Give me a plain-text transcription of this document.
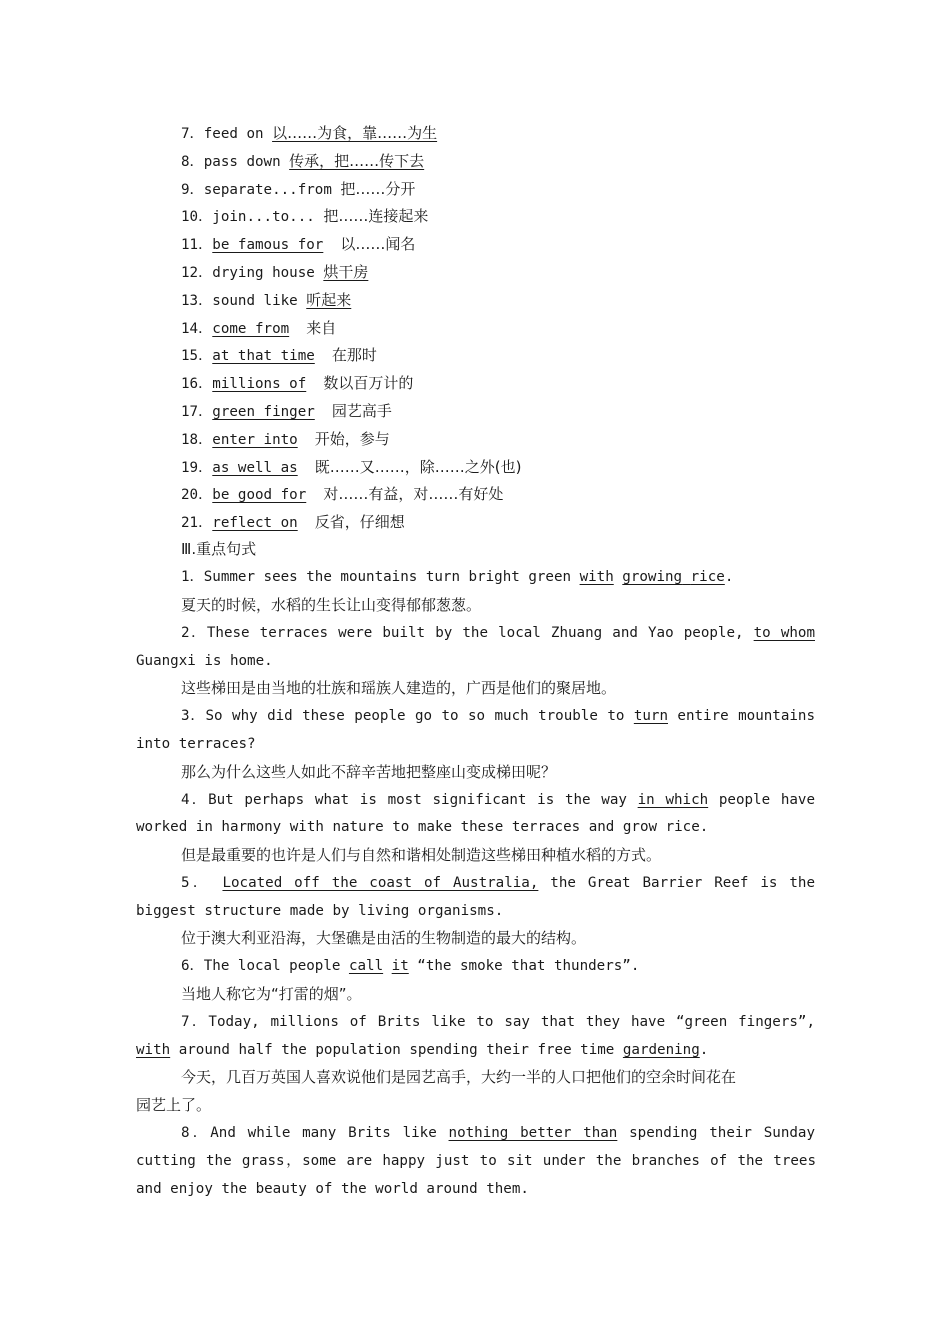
7．feed on 以……为食，靠……为生
8．pass down 传承，把……传下去
9．separate...from 把……分开
10．join...to... 把……连接起来
11．be famous for 以……闻名
12．drying house 烘干房
13．sound like 听起来
14．come from 来自
15．at that time 在那时
16．millions of 数以百万计的
17．green finger 园艺高手
18．enter into 开始，参与
19．as well as 既……又……，除……之外(也)
20．be good for 对……有益，对……有好处
21．reflect on 反省，仔细想
Ⅲ.重点句式
1．Summer sees the mountains turn bright green with growing rice.
夏天的时候，水稻的生长让山变得郁郁葱葱。
2．These terraces were built by the local Zhuang and Yao people, to whom
Guangxi is home.
这些梯田是由当地的壮族和瑶族人建造的，广西是他们的聚居地。
3．So why did these people go to so much trouble to turn entire mountains
into terraces?
那么为什么这些人如此不辞辛苦地把整座山变成梯田呢？
4．But perhaps what is most significant is the way in which people have
worked in harmony with nature to make these terraces and grow rice.
但是最重要的也许是人们与自然和谐相处制造这些梯田种植水稻的方式。
5． Located off the coast of Australia, the Great Barrier Reef is the
biggest structure made by living organisms.
位于澳大利亚沿海，大堡礁是由活的生物制造的最大的结构。
6．The local people call it “the smoke that thunders”.
当地人称它为“打雷的烟”。
7．Today, millions of Brits like to say that they have “green fingers”,
with around half the population spending their free time gardening.
今天，几百万英国人喜欢说他们是园艺高手，大约一半的人口把他们的空余时间花在
园艺上了。
8．And while many Brits like nothing better than spending their Sunday
cutting the grass，some are happy just to sit under the branches of the trees
and enjoy the beauty of the world around them.
